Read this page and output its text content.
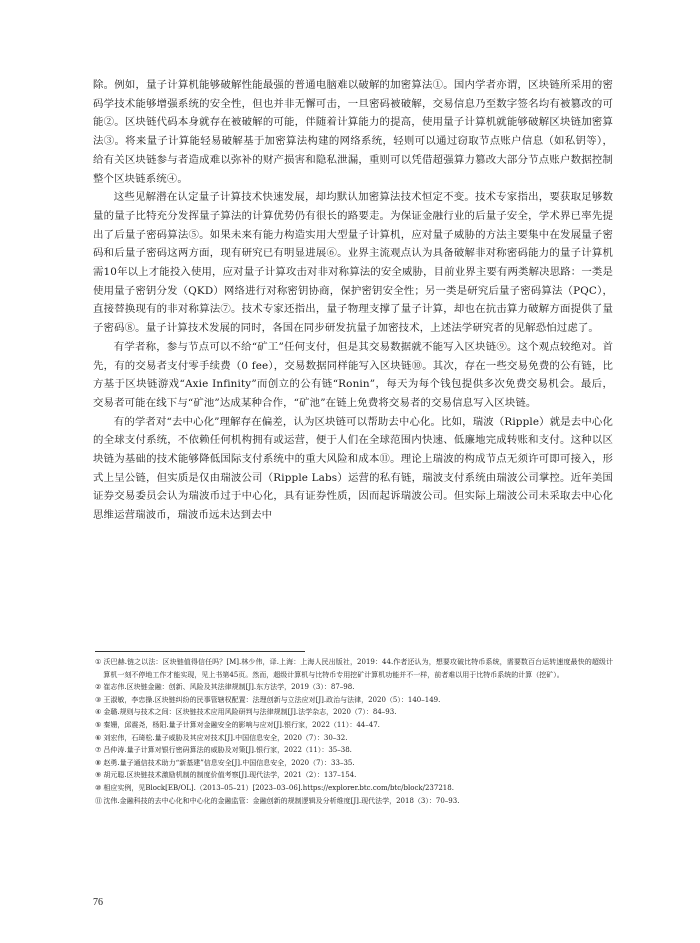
除。例如，量子计算机能够破解性能最强的普通电脑难以破解的加密算法①。国内学者亦谓，区块链所采用的密码学技术能够增强系统的安全性，但也并非无懈可击，一旦密码被破解，交易信息乃至数字签名均有被篡改的可能②。区块链代码本身就存在被破解的可能，伴随着计算能力的提高，使用量子计算机就能够破解区块链加密算法③。将来量子计算能轻易破解基于加密算法构建的网络系统，轻则可以通过窃取节点账户信息（如私钥等），给有关区块链参与者造成难以弥补的财产损害和隐私泄漏，重则可以凭借超强算力篡改大部分节点账户数据控制整个区块链系统④。

这些见解潜在认定量子计算技术快速发展，却均默认加密算法技术恒定不变。技术专家指出，要获取足够数量的量子比特充分发挥量子算法的计算优势仍有很长的路要走。为保证金融行业的后量子安全，学术界已率先提出了后量子密码算法⑤。如果未来有能力构造实用大型量子计算机，应对量子威胁的方法主要集中在发展量子密码和后量子密码这两方面，现有研究已有明显进展⑥。业界主流观点认为具备破解非对称密码能力的量子计算机需10年以上才能投入使用，应对量子计算攻击对非对称算法的安全威胁，目前业界主要有两类解决思路：一类是使用量子密钥分发（QKD）网络进行对称密钥协商，保护密钥安全性；另一类是研究后量子密码算法（PQC），直接替换现有的非对称算法⑦。技术专家还指出，量子物理支撑了量子计算，却也在抗击算力破解方面提供了量子密码⑧。量子计算技术发展的同时，各国在同步研发抗量子加密技术，上述法学研究者的见解恐怕过虑了。

有学者称，参与节点可以不给“矿工”任何支付，但是其交易数据就不能写入区块链⑨。这个观点较绝对。首先，有的交易者支付零手续费（0 fee），交易数据同样能写入区块链⑩。其次，存在一些交易免费的公有链，比方基于区块链游戏“Axie Infinity”而创立的公有链“Ronin”，每天为每个钱包提供多次免费交易机会。最后，交易者可能在线下与“矿池”达成某种合作，“矿池”在链上免费将交易者的交易信息写入区块链。

有的学者对“去中心化”理解存在偏差，认为区块链可以帮助去中心化。比如，瑞波（Ripple）就是去中心化的全球支付系统，不依赖任何机构拥有或运营，便于人们在全球范围内快速、低廉地完成转账和支付。这种以区块链为基础的技术能够降低国际支付系统中的重大风险和成本⑪。理论上瑞波的构成节点无须许可即可接入，形式上呈公链，但实质是仅由瑞波公司（Ripple Labs）运营的私有链，瑞波支付系统由瑞波公司掌控。近年美国证券交易委员会认为瑞波币过于中心化，具有证券性质，因而起诉瑞波公司。但实际上瑞波公司未采取去中心化思维运营瑞波币，瑞波币远未达到去中

① 沃巴赫.链之以法：区块链值得信任吗？[M].林少伟，译.上海：上海人民出版社，2019：44.作者还认为，想要攻破比特币系统，需要数百台运转速度最快的超级计算机一刻不停地工作才能实现，见上书第45页。然而，超级计算机与比特币专用挖矿计算机功能并不一样，前者难以用于比特币系统的计算（挖矿）。

② 崔志伟.区块链金融：创新、风险及其法律规制[J].东方法学，2019（3）：87–98.

③ 王淑敏，李忠操.区块链纠纷的民事管辖权配置：法理创新与立法应对[J].政治与法律，2020（5）：140–149.

④ 金璐.规则与技术之间：区块链技术应用风险研判与法律规制[J].法学杂志，2020（7）：84–93.

⑤ 秦姗，邱震尧，杨阳.量子计算对金融安全的影响与应对[J].银行家，2022（11）：44–47.

⑥ 刘宏伟，石琦松.量子威胁及其应对技术[J].中国信息安全，2020（7）：30–32.

⑦ 吕仲涛.量子计算对银行密码算法的威胁及对策[J].银行家，2022（11）：35–38.

⑧ 赵勇.量子通信技术助力“新基建”信息安全[J].中国信息安全，2020（7）：33–35.

⑨ 胡元聪.区块链技术激励机制的制度价值考察[J].现代法学，2021（2）：137–154.

⑩ 相应实例，见Block[EB/OL].（2013–05–21）[2023–03–06].https://explorer.btc.com/btc/block/237218.

⑪沈伟.金融科技的去中心化和中心化的金融监管：金融创新的规制逻辑及分析维度[J].现代法学，2018（3）：70–93.

76
